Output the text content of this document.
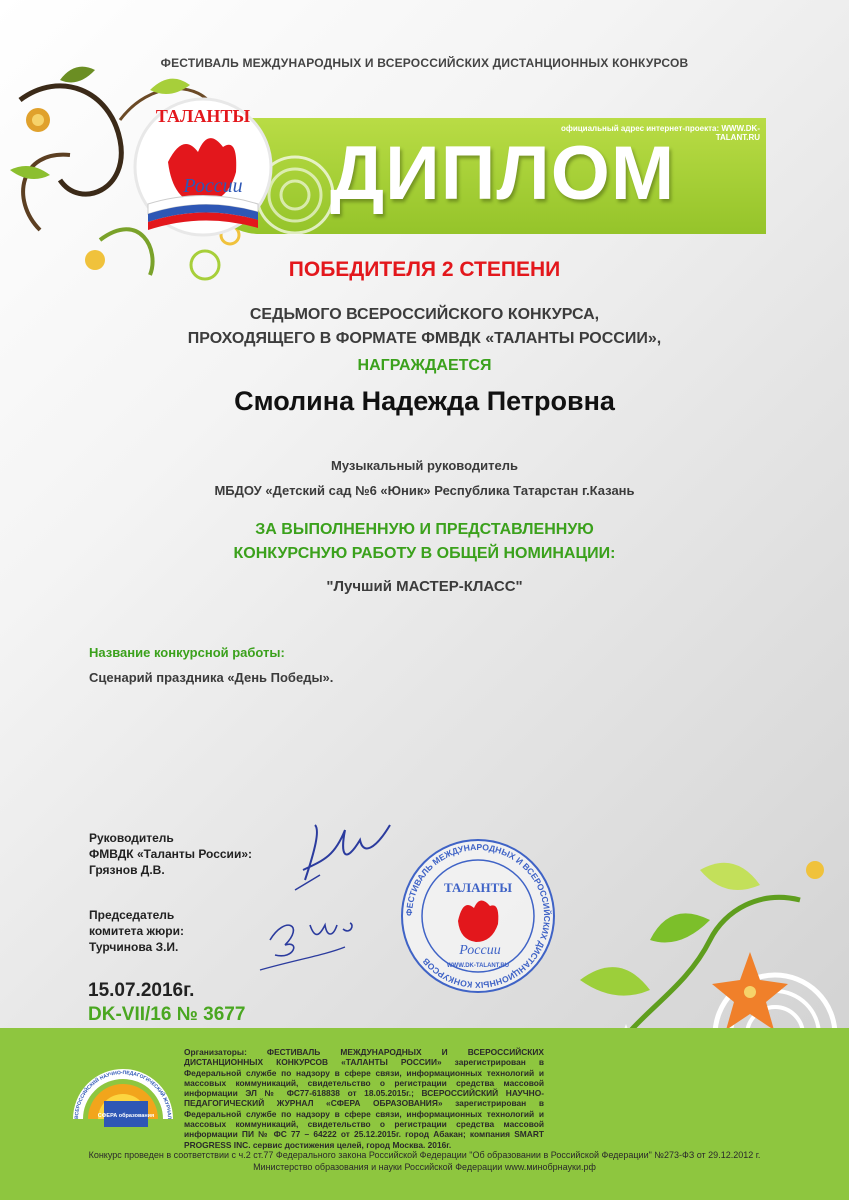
ФЕСТИВАЛЬ МЕЖДУНАРОДНЫХ И ВСЕРОССИЙСКИХ ДИСТАНЦИОННЫХ КОНКУРСОВ
официальный адрес интернет-проекта: WWW.DK-TALANT.RU
ДИПЛОМ
ТАЛАНТЫ
России
ПОБЕДИТЕЛЯ 2 СТЕПЕНИ
СЕДЬМОГО ВСЕРОССИЙСКОГО КОНКУРСА,
ПРОХОДЯЩЕГО В ФОРМАТЕ ФМВДК «ТАЛАНТЫ РОССИИ»,
НАГРАЖДАЕТСЯ
Смолина Надежда Петровна
Музыкальный руководитель
МБДОУ «Детский сад №6 «Юник» Республика Татарстан г.Казань
ЗА ВЫПОЛНЕННУЮ И ПРЕДСТАВЛЕННУЮ
КОНКУРСНУЮ РАБОТУ В ОБЩЕЙ НОМИНАЦИИ:
"Лучший МАСТЕР-КЛАСС"
Название конкурсной работы:
Сценарий праздника «День Победы».
Руководитель
ФМВДК «Таланты России»:
Грязнов Д.В.
Председатель
комитета жюри:
Турчинова З.И.
ФЕСТИВАЛЬ МЕЖДУНАРОДНЫХ И ВСЕРОССИЙСКИХ ДИСТАНЦИОННЫХ КОНКУРСОВ
ТАЛАНТЫ
России
WWW.DK-TALANT.RU
15.07.2016г.
DK-VII/16 № 3677
ВСЕРОССИЙСКИЙ НАУЧНО-ПЕДАГОГИЧЕСКИЙ ЖУРНАЛ
СФЕРА образования
Организаторы: ФЕСТИВАЛЬ МЕЖДУНАРОДНЫХ И ВСЕРОССИЙСКИХ ДИСТАНЦИОННЫХ КОНКУРСОВ «ТАЛАНТЫ РОССИИ» зарегистрирован в Федеральной службе по надзору в сфере связи, информационных технологий и массовых коммуникаций, свидетельство о регистрации средства массовой информации ЭЛ № ФС77-618838 от 18.05.2015г.; ВСЕРОССИЙСКИЙ НАУЧНО-ПЕДАГОГИЧЕСКИЙ ЖУРНАЛ «СФЕРА ОБРАЗОВАНИЯ» зарегистрирован в Федеральной службе по надзору в сфере связи, информационных технологий и массовых коммуникаций, свидетельство о регистрации средства массовой информации ПИ № ФС 77 – 64222 от 25.12.2015г. город Абакан; компания SMART PROGRESS INC. сервис достижения целей, город Москва. 2016г.
Конкурс проведен в соответствии с ч.2 ст.77 Федерального закона Российской Федерации "Об образовании в Российской Федерации" №273-ФЗ от 29.12.2012 г.
Министерство образования и науки Российской Федерации www.минобрнауки.рф
